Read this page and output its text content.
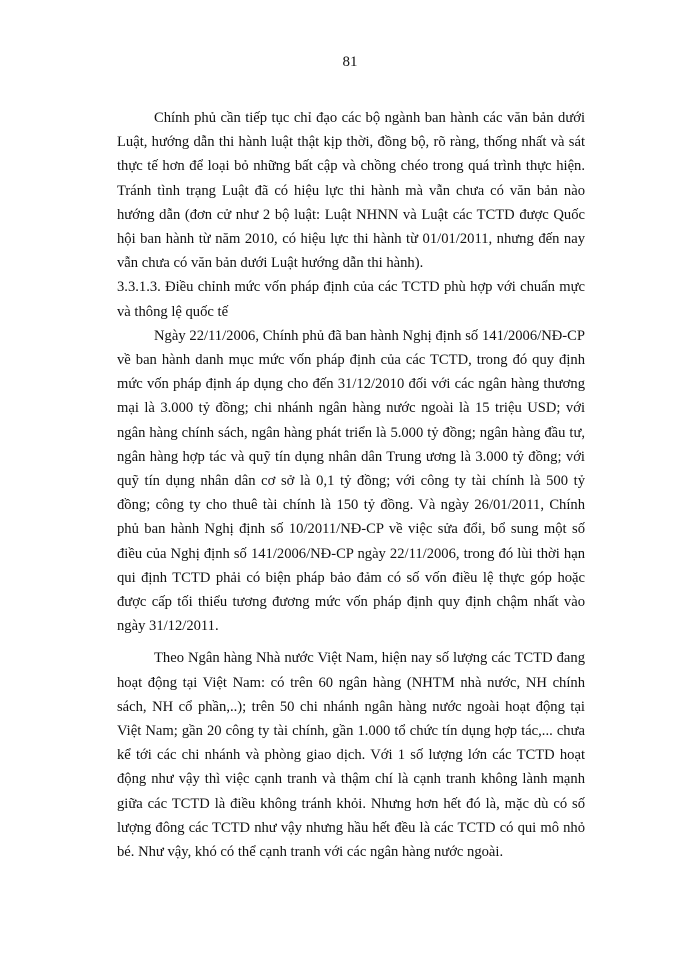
81

Chính phủ cần tiếp tục chỉ đạo các bộ ngành ban hành các văn bản dưới Luật, hướng dẫn thi hành luật thật kịp thời, đồng bộ, rõ ràng, thống nhất và sát thực tế hơn để loại bỏ những bất cập và chồng chéo trong quá trình thực hiện. Tránh tình trạng Luật đã có hiệu lực thi hành mà vẫn chưa có văn bản nào hướng dẫn (đơn cử như 2 bộ luật: Luật NHNN và Luật các TCTD được Quốc hội ban hành từ năm 2010, có hiệu lực thi hành từ 01/01/2011, nhưng đến nay vẫn chưa có văn bản dưới Luật hướng dẫn thi hành).

3.3.1.3. Điều chỉnh mức vốn pháp định của các TCTD phù hợp với chuẩn mực và thông lệ quốc tế

Ngày 22/11/2006, Chính phủ đã ban hành Nghị định số 141/2006/NĐ-CP về ban hành danh mục mức vốn pháp định của các TCTD, trong đó quy định mức vốn pháp định áp dụng cho đến 31/12/2010 đối với các ngân hàng thương mại là 3.000 tỷ đồng; chi nhánh ngân hàng nước ngoài là 15 triệu USD; với ngân hàng chính sách, ngân hàng phát triển là 5.000 tỷ đồng; ngân hàng đầu tư, ngân hàng hợp tác và quỹ tín dụng nhân dân Trung ương là 3.000 tỷ đồng; với quỹ tín dụng nhân dân cơ sở là 0,1 tỷ đồng; với công ty tài chính là 500 tỷ đồng; công ty cho thuê tài chính là 150 tỷ đồng. Và ngày 26/01/2011, Chính phủ ban hành Nghị định số 10/2011/NĐ-CP về việc sửa đổi, bổ sung một số điều của Nghị định số 141/2006/NĐ-CP ngày 22/11/2006, trong đó lùi thời hạn qui định TCTD phải có biện pháp bảo đảm có số vốn điều lệ thực góp hoặc được cấp tối thiểu tương đương mức vốn pháp định quy định chậm nhất vào ngày 31/12/2011.

Theo Ngân hàng Nhà nước Việt Nam, hiện nay số lượng các TCTD đang hoạt động tại Việt Nam: có trên 60 ngân hàng (NHTM nhà nước, NH chính sách, NH cổ phần,..); trên 50 chi nhánh ngân hàng nước ngoài hoạt động tại Việt Nam; gần 20 công ty tài chính, gần 1.000 tổ chức tín dụng hợp tác,... chưa kể tới các chi nhánh và phòng giao dịch. Với 1 số lượng lớn các TCTD hoạt động như vậy thì việc cạnh tranh và thậm chí là cạnh tranh không lành mạnh giữa các TCTD là điều không tránh khỏi. Nhưng hơn hết đó là, mặc dù có số lượng đông các TCTD như vậy nhưng hầu hết đều là các TCTD có qui mô nhỏ bé. Như vậy, khó có thể cạnh tranh với các ngân hàng nước ngoài.
